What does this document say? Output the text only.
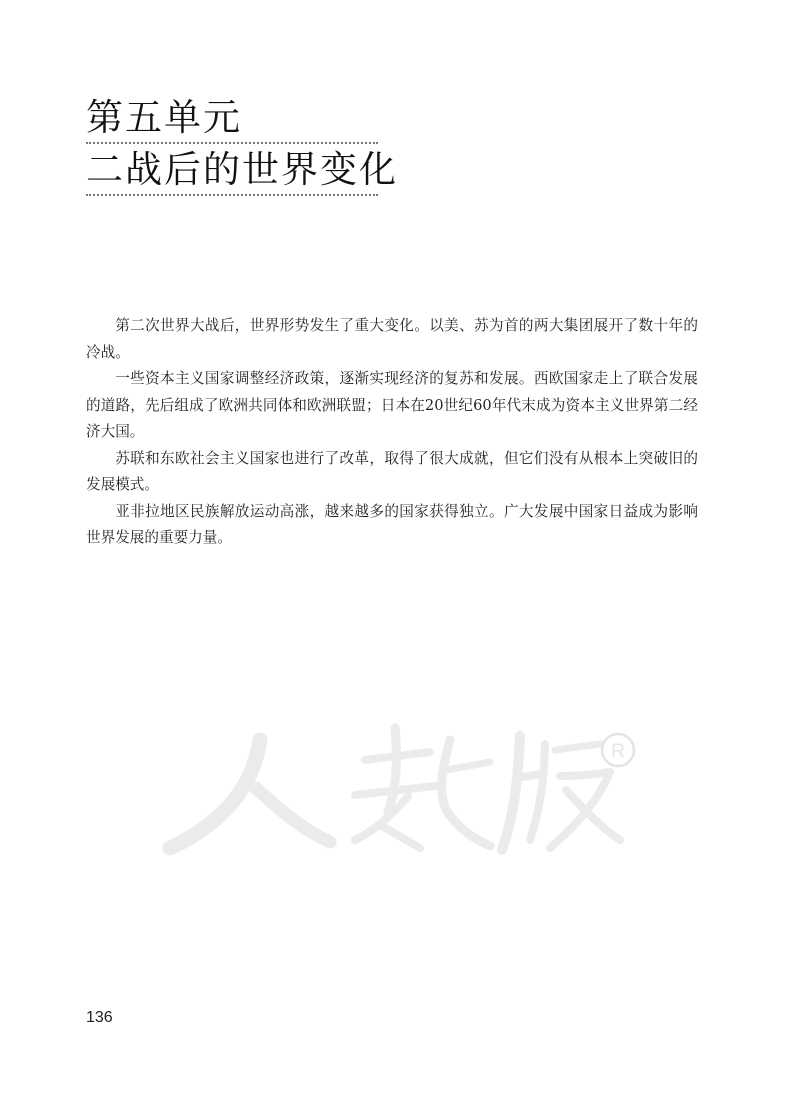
第五单元
二战后的世界变化

第二次世界大战后，世界形势发生了重大变化。以美、苏为首的两大集团展开了数十年的冷战。

一些资本主义国家调整经济政策，逐渐实现经济的复苏和发展。西欧国家走上了联合发展的道路，先后组成了欧洲共同体和欧洲联盟；日本在20世纪60年代末成为资本主义世界第二经济大国。

苏联和东欧社会主义国家也进行了改革，取得了很大成就，但它们没有从根本上突破旧的发展模式。

亚非拉地区民族解放运动高涨，越来越多的国家获得独立。广大发展中国家日益成为影响世界发展的重要力量。

R
136
